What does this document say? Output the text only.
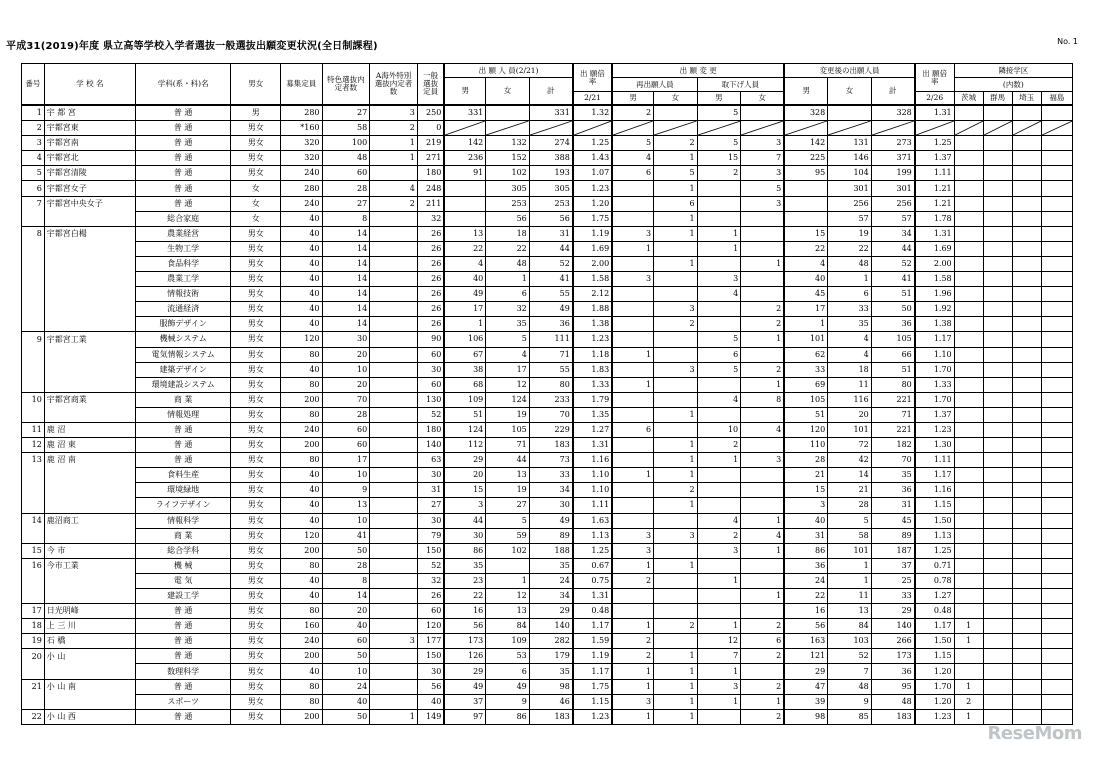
平成31(2019)年度 県立高等学校入学者選抜一般選抜出願変更状況(全日制課程)	No. 1
番号	学 校 名	学科(系・科)名	男女	募集定員	特色選抜内定者数	A海外特別選抜内定者数	一般選抜定員	出 願 人 員(2/21)			出 願倍 率	出 願 変 更				変更後の出願人員			出 願倍 率	隣接学区			
								男	女	計		再出願人員		取下げ人員		男	女	計		(内数)			
											2/21	男	女	男	女				2/26	茨城	群馬	埼玉	福島
1	宇 都 宮	普 通	男	280	27	3	250	331		331	1.32	2		5		328		328	1.31				
2	宇都宮東	普 通	男女	*160	58	2	0	

3	宇都宮南	普 通	男女	320	100	1	219	142	132	274	1.25	5	2	5	3	142	131	273	1.25				
4	宇都宮北	普 通	男女	320	48	1	271	236	152	388	1.43	4	1	15	7	225	146	371	1.37				
5	宇都宮清陵	普 通	男女	240	60		180	91	102	193	1.07	6	5	2	3	95	104	199	1.11				
6	宇都宮女子	普 通	女	280	28	4	248		305	305	1.23		1		5		301	301	1.21				
7	宇都宮中央女子	普 通	女	240	27	2	211		253	253	1.20		6		3		256	256	1.21				
		総合家庭	女	40	8		32		56	56	1.75		1				57	57	1.78				
8	宇都宮白楊	農業経営	男女	40	14		26	13	18	31	1.19	3	1	1		15	19	34	1.31				
		生物工学	男女	40	14		26	22	22	44	1.69	1		1		22	22	44	1.69				
		食品科学	男女	40	14		26	4	48	52	2.00		1		1	4	48	52	2.00				
		農業工学	男女	40	14		26	40	1	41	1.58	3		3		40	1	41	1.58				
		情報技術	男女	40	14		26	49	6	55	2.12			4		45	6	51	1.96				
		流通経済	男女	40	14		26	17	32	49	1.88		3		2	17	33	50	1.92				
		服飾デザイン	男女	40	14		26	1	35	36	1.38		2		2	1	35	36	1.38				
9	宇都宮工業	機械システム	男女	120	30		90	106	5	111	1.23			5	1	101	4	105	1.17				
		電気情報システム	男女	80	20		60	67	4	71	1.18	1		6		62	4	66	1.10				
		建築デザイン	男女	40	10		30	38	17	55	1.83		3	5	2	33	18	51	1.70				
		環境建設システム	男女	80	20		60	68	12	80	1.33	1			1	69	11	80	1.33				
10	宇都宮商業	商 業	男女	200	70		130	109	124	233	1.79			4	8	105	116	221	1.70				
		情報処理	男女	80	28		52	51	19	70	1.35		1			51	20	71	1.37				
11	鹿 沼	普 通	男女	240	60		180	124	105	229	1.27	6		10	4	120	101	221	1.23				
12	鹿 沼 東	普 通	男女	200	60		140	112	71	183	1.31		1	2		110	72	182	1.30				
13	鹿 沼 南	普 通	男女	80	17		63	29	44	73	1.16		1	1	3	28	42	70	1.11				
		食料生産	男女	40	10		30	20	13	33	1.10	1	1			21	14	35	1.17				
		環境緑地	男女	40	9		31	15	19	34	1.10		2			15	21	36	1.16				
		ライフデザイン	男女	40	13		27	3	27	30	1.11		1			3	28	31	1.15				
14	鹿沼商工	情報科学	男女	40	10		30	44	5	49	1.63			4	1	40	5	45	1.50				
		商 業	男女	120	41		79	30	59	89	1.13	3	3	2	4	31	58	89	1.13				
15	今 市	総合学科	男女	200	50		150	86	102	188	1.25	3		3	1	86	101	187	1.25				
16	今市工業	機 械	男女	80	28		52	35		35	0.67	1	1			36	1	37	0.71				
		電 気	男女	40	8		32	23	1	24	0.75	2		1		24	1	25	0.78				
		建設工学	男女	40	14		26	22	12	34	1.31				1	22	11	33	1.27				
17	日光明峰	普 通	男女	80	20		60	16	13	29	0.48					16	13	29	0.48				
18	上 三 川	普 通	男女	160	40		120	56	84	140	1.17	1	2	1	2	56	84	140	1.17	1			
19	石 橋	普 通	男女	240	60	3	177	173	109	282	1.59	2		12	6	163	103	266	1.50	1			
20	小 山	普 通	男女	200	50		150	126	53	179	1.19	2	1	7	2	121	52	173	1.15				
		数理科学	男女	40	10		30	29	6	35	1.17	1	1	1		29	7	36	1.20				
21	小 山 南	普 通	男女	80	24		56	49	49	98	1.75	1	1	3	2	47	48	95	1.70	1			
		スポーツ	男女	80	40		40	37	9	46	1.15	3	1	1	1	39	9	48	1.20	2			
22	小 山 西	普 通	男女	200	50	1	149	97	86	183	1.23	1	1		2	98	85	183	1.23	1			
ReseMom
